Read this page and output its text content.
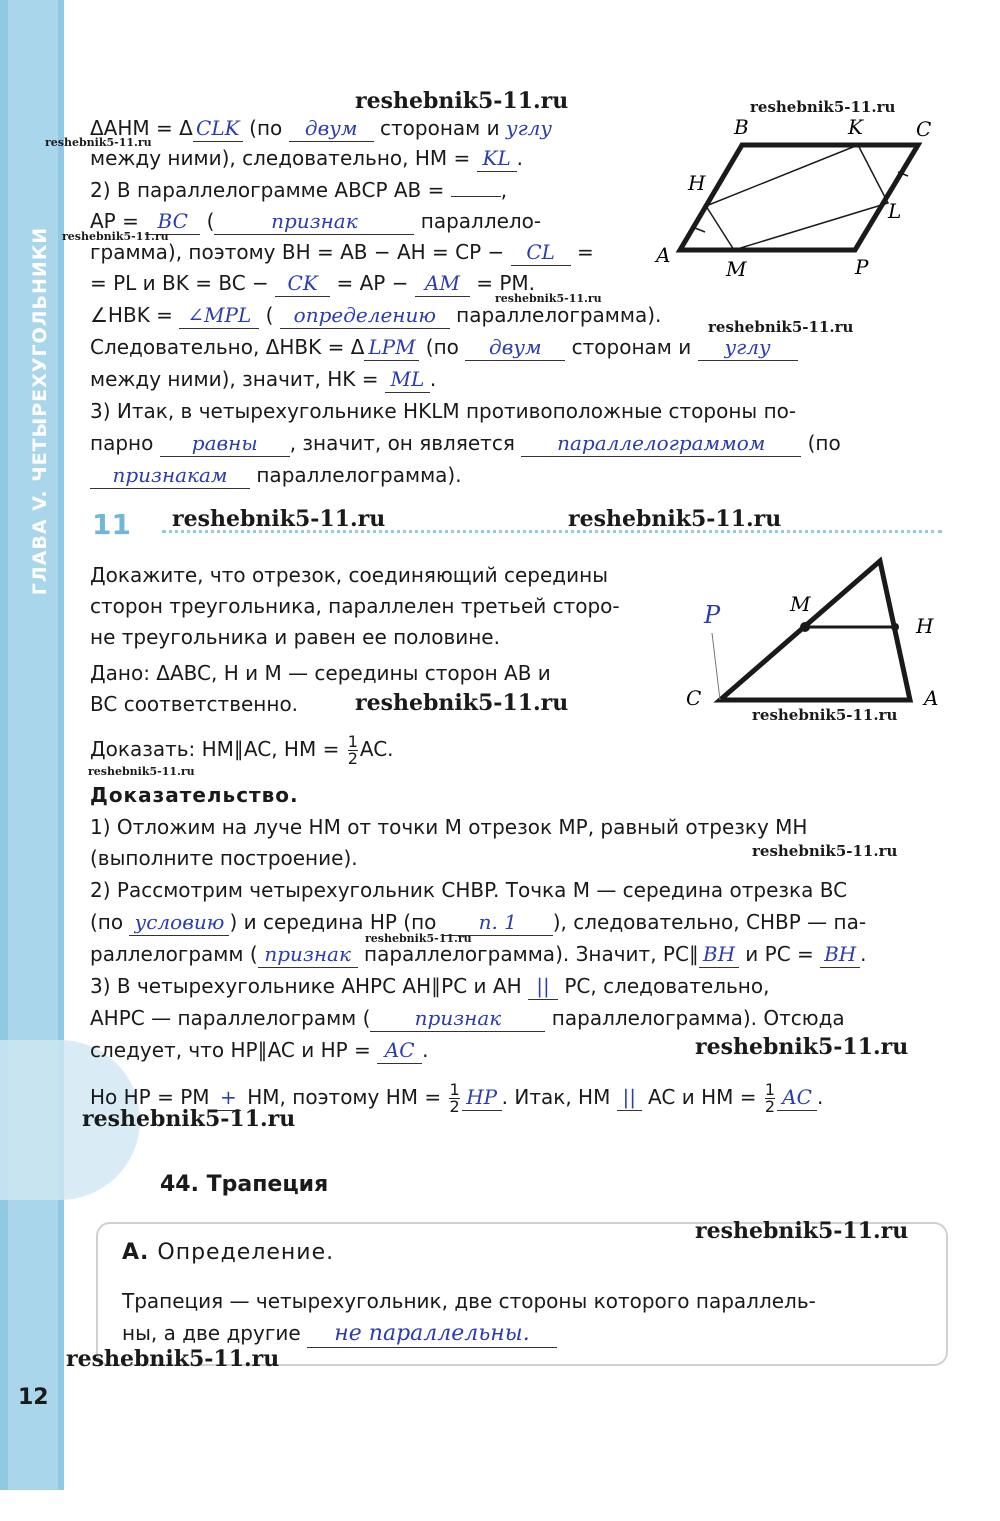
ГЛАВА V. ЧЕТЫРЕХУГОЛЬНИКИ
B	K	C
H
L
A
M	P
ΔAHM = Δ CLK (по двум сторонам и углу
между ними), следовательно, HM = KL .
2) В параллелограмме ABCP AB =	,
AP = BC (	признак	параллело-
грамма), поэтому BH = AB − AH = CP − CL =
= PL и BK = BC − CK = AP − AM = PM.
∠HBK = ∠MPL ( определению параллелограмма).
Следовательно, ΔHBK = Δ LPM (по двум сторонам и углу
между ними), значит, HK = ML .
3) Итак, в четырехугольнике HKLM противоположные стороны по-
парно равны , значит, он является параллелограммом (по
признакам параллелограмма).
11
P	M
H
C	A
Докажите, что отрезок, соединяющий середины
сторон треугольника, параллелен третьей сторо-
не треугольника и равен ее половине.
Дано: ΔABC, H и M — середины сторон AB и
BC соответственно.
Доказать: HM∥AC, HM = $\frac{1}{2}$ AC.
Доказательство.
1) Отложим на луче HM от точки M отрезок MP, равный отрезку MH
(выполните построение).
2) Рассмотрим четырехугольник CHBP. Точка M — середина отрезка BC
(по условию ) и середина HP (по п. 1 ), следовательно, CHBP — па-
раллелограмм ( признак параллелограмма). Значит, PC∥ BH и PC = BH .
3) В четырехугольнике AHPC AH∥PC и AH || PC, следовательно,
AHPC — параллелограмм ( признак параллелограмма). Отсюда
следует, что HP∥AC и HP = AC .
Но HP = PM + HM, поэтому HM = $\frac{1}{2}$ HP . Итак, HM || AC и HM = $\frac{1}{2}$ AC .
44. Трапеция
А. Определение.
Трапеция — четырехугольник, две стороны которого параллель-
ны, а две другие не параллельны.
12
reshebnik5-11.ru	reshebnik5-11.ru
reshebnik5-11.ru
reshebnik5-11.ru
reshebnik5-11.ru
reshebnik5-11.ru
reshebnik5-11.ru	reshebnik5-11.ru
reshebnik5-11.ru	reshebnik5-11.ru
reshebnik5-11.ru
reshebnik5-11.ru
reshebnik5-11.ru
reshebnik5-11.ru
reshebnik5-11.ru
reshebnik5-11.ru
reshebnik5-11.ru
